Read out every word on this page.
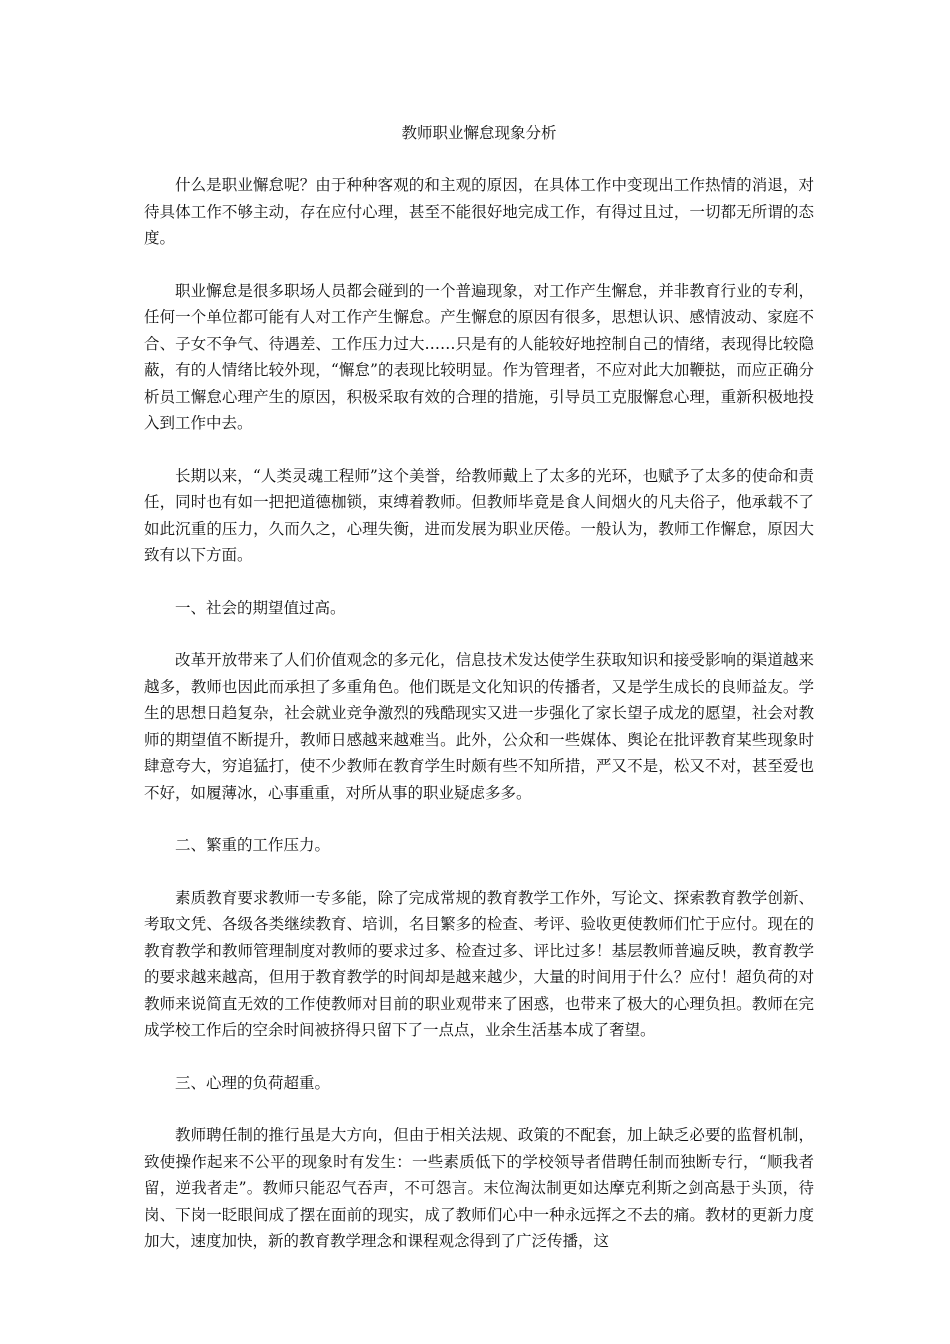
教师职业懈怠现象分析

什么是职业懈怠呢？由于种种客观的和主观的原因，在具体工作中变现出工作热情的消退，对待具体工作不够主动，存在应付心理，甚至不能很好地完成工作，有得过且过，一切都无所谓的态度。

职业懈怠是很多职场人员都会碰到的一个普遍现象，对工作产生懈怠，并非教育行业的专利，任何一个单位都可能有人对工作产生懈怠。产生懈怠的原因有很多，思想认识、感情波动、家庭不合、子女不争气、待遇差、工作压力过大……只是有的人能较好地控制自己的情绪，表现得比较隐蔽，有的人情绪比较外现，“懈怠”的表现比较明显。作为管理者，不应对此大加鞭挞，而应正确分析员工懈怠心理产生的原因，积极采取有效的合理的措施，引导员工克服懈怠心理，重新积极地投入到工作中去。

长期以来，“人类灵魂工程师”这个美誉，给教师戴上了太多的光环，也赋予了太多的使命和责任，同时也有如一把把道德枷锁，束缚着教师。但教师毕竟是食人间烟火的凡夫俗子，他承载不了如此沉重的压力，久而久之，心理失衡，进而发展为职业厌倦。一般认为，教师工作懈怠，原因大致有以下方面。

一、社会的期望值过高。

改革开放带来了人们价值观念的多元化，信息技术发达使学生获取知识和接受影响的渠道越来越多，教师也因此而承担了多重角色。他们既是文化知识的传播者，又是学生成长的良师益友。学生的思想日趋复杂，社会就业竞争激烈的残酷现实又进一步强化了家长望子成龙的愿望，社会对教师的期望值不断提升，教师日感越来越难当。此外，公众和一些媒体、舆论在批评教育某些现象时肆意夸大，穷追猛打，使不少教师在教育学生时颇有些不知所措，严又不是，松又不对，甚至爱也不好，如履薄冰，心事重重，对所从事的职业疑虑多多。

二、繁重的工作压力。

素质教育要求教师一专多能，除了完成常规的教育教学工作外，写论文、探索教育教学创新、考取文凭、各级各类继续教育、培训，名目繁多的检查、考评、验收更使教师们忙于应付。现在的教育教学和教师管理制度对教师的要求过多、检查过多、评比过多！基层教师普遍反映，教育教学的要求越来越高，但用于教育教学的时间却是越来越少，大量的时间用于什么？应付！超负荷的对教师来说简直无效的工作使教师对目前的职业观带来了困惑，也带来了极大的心理负担。教师在完成学校工作后的空余时间被挤得只留下了一点点，业余生活基本成了奢望。

三、心理的负荷超重。

教师聘任制的推行虽是大方向，但由于相关法规、政策的不配套，加上缺乏必要的监督机制，致使操作起来不公平的现象时有发生：一些素质低下的学校领导者借聘任制而独断专行，“顺我者留，逆我者走”。教师只能忍气吞声，不可怨言。末位淘汰制更如达摩克利斯之剑高悬于头顶，待岗、下岗一眨眼间成了摆在面前的现实，成了教师们心中一种永远挥之不去的痛。教材的更新力度加大，速度加快，新的教育教学理念和课程观念得到了广泛传播，这
